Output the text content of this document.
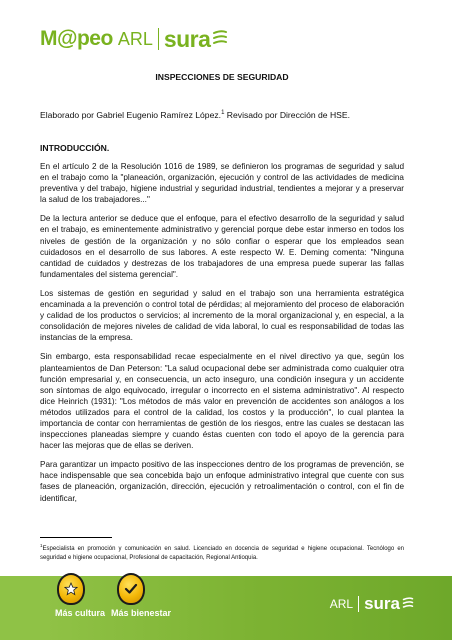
M@peo ARL sura
INSPECCIONES DE SEGURIDAD
Elaborado por Gabriel Eugenio Ramírez López.$^1$ Revisado por Dirección de HSE.
INTRODUCCIÓN.

En el artículo 2 de la Resolución 1016 de 1989, se definieron los programas de seguridad y salud en el trabajo como la "planeación, organización, ejecución y control de las actividades de medicina preventiva y del trabajo, higiene industrial y seguridad industrial, tendientes a mejorar y a preservar la salud de los trabajadores..."

De la lectura anterior se deduce que el enfoque, para el efectivo desarrollo de la seguridad y salud en el trabajo, es eminentemente administrativo y gerencial porque debe estar inmerso en todos los niveles de gestión de la organización y no sólo confiar o esperar que los empleados sean cuidadosos en el desarrollo de sus labores. A este respecto W. E. Deming comenta: "Ninguna cantidad de cuidados y destrezas de los trabajadores de una empresa puede superar las fallas fundamentales del sistema gerencial".

Los sistemas de gestión en seguridad y salud en el trabajo son una herramienta estratégica encaminada a la prevención o control total de pérdidas; al mejoramiento del proceso de elaboración y calidad de los productos o servicios; al incremento de la moral organizacional y, en especial, a la consolidación de mejores niveles de calidad de vida laboral, lo cual es responsabilidad de todas las instancias de la empresa.

Sin embargo, esta responsabilidad recae especialmente en el nivel directivo ya que, según los planteamientos de Dan Peterson: "La salud ocupacional debe ser administrada como cualquier otra función empresarial y, en consecuencia, un acto inseguro, una condición insegura y un accidente son síntomas de algo equivocado, irregular o incorrecto en el sistema administrativo". Al respecto dice Heinrich (1931): "Los métodos de más valor en prevención de accidentes son análogos a los métodos utilizados para el control de la calidad, los costos y la producción", lo cual plantea la importancia de contar con herramientas de gestión de los riesgos, entre las cuales se destacan las inspecciones planeadas siempre y cuando éstas cuenten con todo el apoyo de la gerencia para hacer las mejoras que de ellas se deriven.

Para garantizar un impacto positivo de las inspecciones dentro de los programas de prevención, se hace indispensable que sea concebida bajo un enfoque administrativo integral que cuente con sus fases de planeación, organización, dirección, ejecución y retroalimentación o control, con el fin de identificar,

$^1$Especialista en promoción y comunicación en salud. Licenciado en docencia de seguridad e higiene ocupacional. Tecnólogo en seguridad e higiene ocupacional, Profesional de capacitación, Regional Antioquia.
Más cultura Más bienestar
ARL sura
